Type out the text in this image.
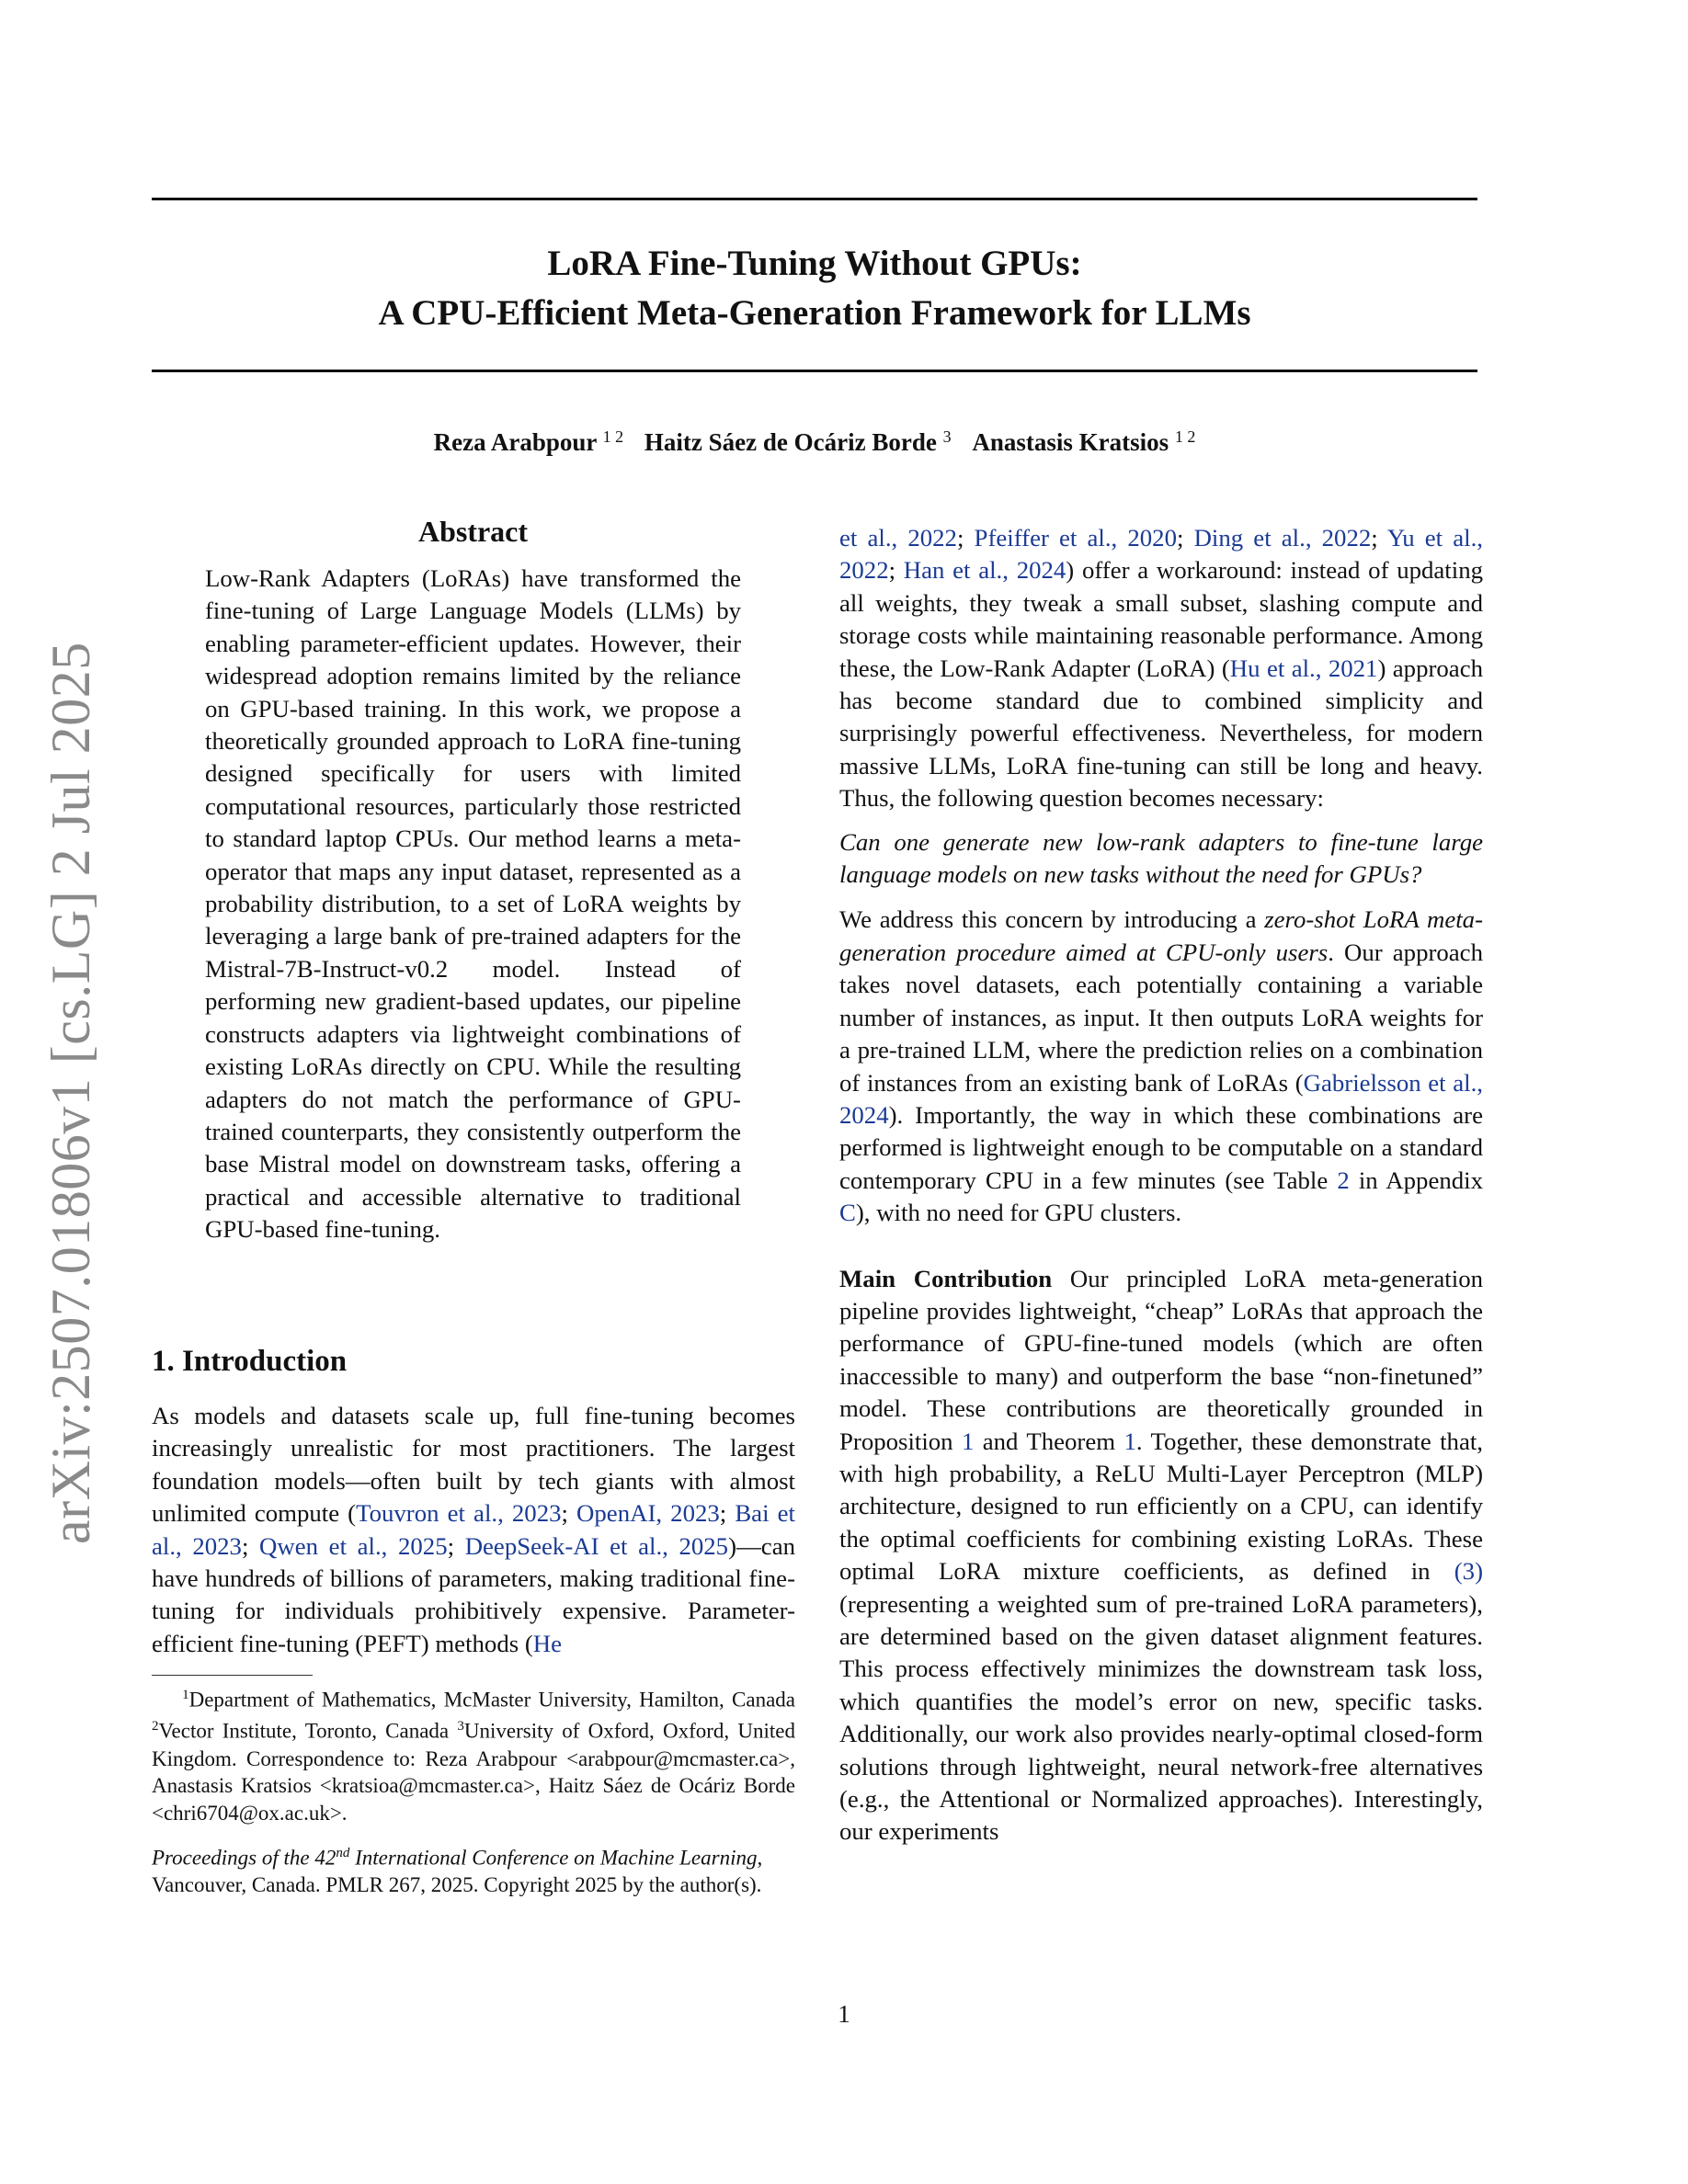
LoRA Fine-Tuning Without GPUs:
A CPU-Efficient Meta-Generation Framework for LLMs
Reza Arabpour $^{1 2}$ Haitz Sáez de Ocáriz Borde $^3$ Anastasis Kratsios $^{1 2}$
arXiv:2507.01806v1 [cs.LG] 2 Jul 2025
Abstract
Low-Rank Adapters (LoRAs) have transformed the fine-tuning of Large Language Models (LLMs) by enabling parameter-efficient updates. However, their widespread adoption remains limited by the reliance on GPU-based training. In this work, we propose a theoretically grounded approach to LoRA fine-tuning designed specifically for users with limited computational resources, particularly those restricted to standard laptop CPUs. Our method learns a meta-operator that maps any input dataset, represented as a probability distribution, to a set of LoRA weights by leveraging a large bank of pre-trained adapters for the Mistral-7B-Instruct-v0.2 model. Instead of performing new gradient-based updates, our pipeline constructs adapters via lightweight combinations of existing LoRAs directly on CPU. While the resulting adapters do not match the performance of GPU-trained counterparts, they consistently outperform the base Mistral model on downstream tasks, offering a practical and accessible alternative to traditional GPU-based fine-tuning.
1. Introduction
As models and datasets scale up, full fine-tuning becomes increasingly unrealistic for most practitioners. The largest foundation models—often built by tech giants with almost unlimited compute (Touvron et al., 2023; OpenAI, 2023; Bai et al., 2023; Qwen et al., 2025; DeepSeek-AI et al., 2025)—can have hundreds of billions of parameters, making traditional fine-tuning for individuals prohibitively expensive. Parameter-efficient fine-tuning (PEFT) methods (He
$^1$Department of Mathematics, McMaster University, Hamilton, Canada $^2$Vector Institute, Toronto, Canada $^3$University of Oxford, Oxford, United Kingdom. Correspondence to: Reza Arabpour <arabpour@mcmaster.ca>, Anastasis Kratsios <kratsioa@mcmaster.ca>, Haitz Sáez de Ocáriz Borde <chri6704@ox.ac.uk>.
Proceedings of the 42nd International Conference on Machine Learning, Vancouver, Canada. PMLR 267, 2025. Copyright 2025 by the author(s).

et al., 2022; Pfeiffer et al., 2020; Ding et al., 2022; Yu et al., 2022; Han et al., 2024) offer a workaround: instead of updating all weights, they tweak a small subset, slashing compute and storage costs while maintaining reasonable performance. Among these, the Low-Rank Adapter (LoRA) (Hu et al., 2021) approach has become standard due to combined simplicity and surprisingly powerful effectiveness. Nevertheless, for modern massive LLMs, LoRA fine-tuning can still be long and heavy. Thus, the following question becomes necessary:

Can one generate new low-rank adapters to fine-tune large language models on new tasks without the need for GPUs?

We address this concern by introducing a zero-shot LoRA meta-generation procedure aimed at CPU-only users. Our approach takes novel datasets, each potentially containing a variable number of instances, as input. It then outputs LoRA weights for a pre-trained LLM, where the prediction relies on a combination of instances from an existing bank of LoRAs (Gabrielsson et al., 2024). Importantly, the way in which these combinations are performed is lightweight enough to be computable on a standard contemporary CPU in a few minutes (see Table 2 in Appendix C), with no need for GPU clusters.

Main Contribution Our principled LoRA meta-generation pipeline provides lightweight, “cheap” LoRAs that approach the performance of GPU-fine-tuned models (which are often inaccessible to many) and outperform the base “non-finetuned” model. These contributions are theoretically grounded in Proposition 1 and Theorem 1. Together, these demonstrate that, with high probability, a ReLU Multi-Layer Perceptron (MLP) architecture, designed to run efficiently on a CPU, can identify the optimal coefficients for combining existing LoRAs. These optimal LoRA mixture coefficients, as defined in (3) (representing a weighted sum of pre-trained LoRA parameters), are determined based on the given dataset alignment features. This process effectively minimizes the downstream task loss, which quantifies the model’s error on new, specific tasks. Additionally, our work also provides nearly-optimal closed-form solutions through lightweight, neural network-free alternatives (e.g., the Attentional or Normalized approaches). Interestingly, our experiments

1
